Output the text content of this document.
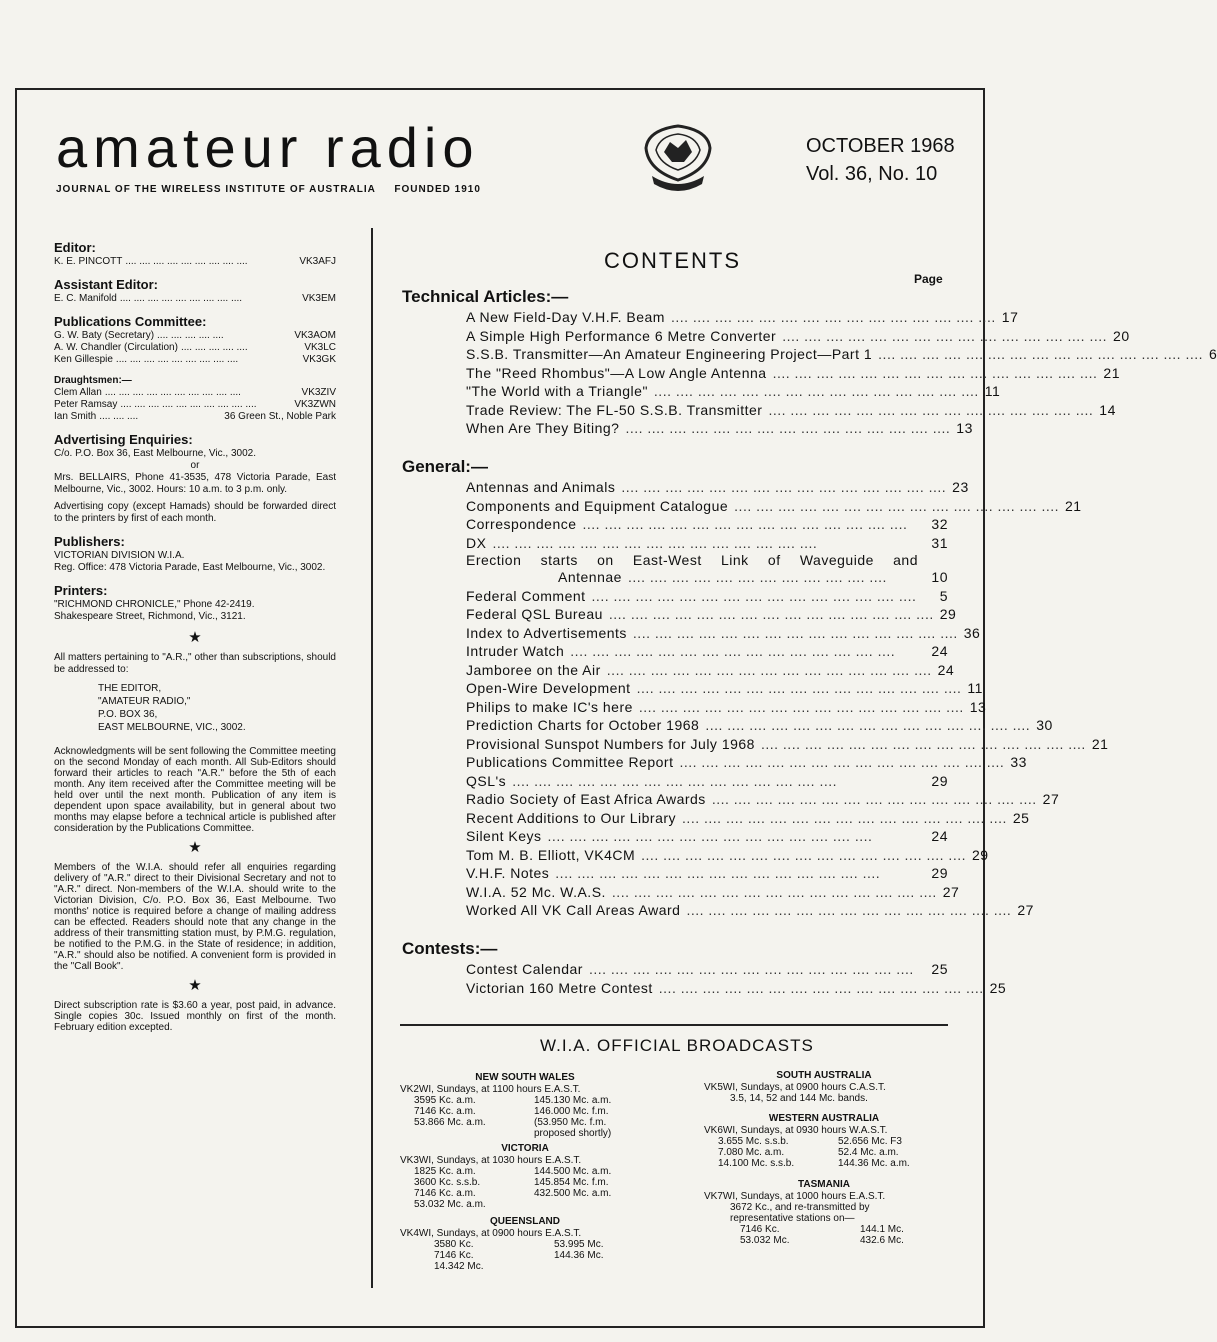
amateur radio
JOURNAL OF THE WIRELESS INSTITUTE OF AUSTRALIA     FOUNDED 1910
OCTOBER 1968
Vol. 36, No. 10
Editor:
K. E. PINCOTT .... .... .... .... .... .... .... .... ....	VK3AFJ
Assistant Editor:
E. C. Manifold .... .... .... .... .... .... .... .... ....	VK3EM
Publications Committee:
G. W. Baty (Secretary) .... .... .... .... ....	VK3AOM
A. W. Chandler (Circulation) .... .... .... .... ....	VK3LC
Ken Gillespie .... .... .... .... .... .... .... .... ....	VK3GK
Draughtsmen:—
Clem Allan .... .... .... .... .... .... .... .... .... ....	VK3ZIV
Peter Ramsay .... .... .... .... .... .... .... .... .... ....	VK3ZWN
Ian Smith .... .... ....	36 Green St., Noble Park
Advertising Enquiries:
C/o. P.O. Box 36, East Melbourne, Vic., 3002.
or
Mrs. BELLAIRS, Phone 41-3535, 478 Victoria Parade, East Melbourne, Vic., 3002. Hours: 10 a.m. to 3 p.m. only.
Advertising copy (except Hamads) should be forwarded direct to the printers by first of each month.
Publishers:
VICTORIAN DIVISION W.I.A.
Reg. Office: 478 Victoria Parade, East Melbourne, Vic., 3002.
Printers:
"RICHMOND CHRONICLE," Phone 42-2419.
Shakespeare Street, Richmond, Vic., 3121.
★
All matters pertaining to "A.R.," other than subscriptions, should be addressed to:
THE EDITOR,
"AMATEUR RADIO,"
P.O. BOX 36,
EAST MELBOURNE, VIC., 3002.
Acknowledgments will be sent following the Committee meeting on the second Monday of each month. All Sub-Editors should forward their articles to reach "A.R." before the 5th of each month. Any item received after the Committee meeting will be held over until the next month. Publication of any item is dependent upon space availability, but in general about two months may elapse before a technical article is published after consideration by the Publications Committee.
★
Members of the W.I.A. should refer all enquiries regarding delivery of "A.R." direct to their Divisional Secretary and not to "A.R." direct. Non-members of the W.I.A. should write to the Victorian Division, C/o. P.O. Box 36, East Melbourne. Two months' notice is required before a change of mailing address can be effected. Readers should note that any change in the address of their transmitting station must, by P.M.G. regulation, be notified to the P.M.G. in the State of residence; in addition, "A.R." should also be notified. A convenient form is provided in the "Call Book".
★
Direct subscription rate is $3.60 a year, post paid, in advance. Single copies 30c. Issued monthly on first of the month. February edition excepted.
CONTENTS
Page
Technical Articles:—
A New Field-Day V.H.F. Beam .... .... .... .... .... .... .... .... .... .... .... .... .... .... .... 17
A Simple High Performance 6 Metre Converter .... .... .... .... .... .... .... .... .... .... .... .... .... .... .... 20
S.S.B. Transmitter—An Amateur Engineering Project—Part 1 .... .... .... .... .... .... .... .... .... .... .... .... .... .... .... 6
The "Reed Rhombus"—A Low Angle Antenna .... .... .... .... .... .... .... .... .... .... .... .... .... .... .... 21
"The World with a Triangle" .... .... .... .... .... .... .... .... .... .... .... .... .... .... .... 11
Trade Review: The FL-50 S.S.B. Transmitter .... .... .... .... .... .... .... .... .... .... .... .... .... .... .... 14
When Are They Biting? .... .... .... .... .... .... .... .... .... .... .... .... .... .... .... 13
General:—
Antennas and Animals .... .... .... .... .... .... .... .... .... .... .... .... .... .... .... 23
Components and Equipment Catalogue .... .... .... .... .... .... .... .... .... .... .... .... .... .... .... 21
Correspondence .... .... .... .... .... .... .... .... .... .... .... .... .... .... ....	32
DX .... .... .... .... .... .... .... .... .... .... .... .... .... .... ....	31
Erection starts on East-West Link of Waveguide and
Antennae .... .... .... .... .... .... .... .... .... .... .... ....	10
Federal Comment .... .... .... .... .... .... .... .... .... .... .... .... .... .... ....	5
Federal QSL Bureau .... .... .... .... .... .... .... .... .... .... .... .... .... .... .... 29
Index to Advertisements .... .... .... .... .... .... .... .... .... .... .... .... .... .... .... 36
Intruder Watch .... .... .... .... .... .... .... .... .... .... .... .... .... .... ....	24
Jamboree on the Air .... .... .... .... .... .... .... .... .... .... .... .... .... .... .... 24
Open-Wire Development .... .... .... .... .... .... .... .... .... .... .... .... .... .... .... 11
Philips to make IC's here .... .... .... .... .... .... .... .... .... .... .... .... .... .... .... 13
Prediction Charts for October 1968 .... .... .... .... .... .... .... .... .... .... .... .... .... .... .... 30
Provisional Sunspot Numbers for July 1968 .... .... .... .... .... .... .... .... .... .... .... .... .... .... .... 21
Publications Committee Report .... .... .... .... .... .... .... .... .... .... .... .... .... .... .... 33
QSL's .... .... .... .... .... .... .... .... .... .... .... .... .... .... ....	29
Radio Society of East Africa Awards .... .... .... .... .... .... .... .... .... .... .... .... .... .... .... 27
Recent Additions to Our Library .... .... .... .... .... .... .... .... .... .... .... .... .... .... .... 25
Silent Keys .... .... .... .... .... .... .... .... .... .... .... .... .... .... ....	24
Tom M. B. Elliott, VK4CM .... .... .... .... .... .... .... .... .... .... .... .... .... .... .... 29
V.H.F. Notes .... .... .... .... .... .... .... .... .... .... .... .... .... .... ....	29
W.I.A. 52 Mc. W.A.S. .... .... .... .... .... .... .... .... .... .... .... .... .... .... .... 27
Worked All VK Call Areas Award .... .... .... .... .... .... .... .... .... .... .... .... .... .... .... 27
Contests:—
Contest Calendar .... .... .... .... .... .... .... .... .... .... .... .... .... .... ....	25
Victorian 160 Metre Contest .... .... .... .... .... .... .... .... .... .... .... .... .... .... .... 25
W.I.A. OFFICIAL BROADCASTS
NEW SOUTH WALES
VK2WI, Sundays, at 1100 hours E.A.S.T.
3595 Kc. a.m.	145.130 Mc. a.m.
7146 Kc. a.m.	146.000 Mc. f.m.
53.866 Mc. a.m.	(53.950 Mc. f.m.
proposed shortly)
VICTORIA
VK3WI, Sundays, at 1030 hours E.A.S.T.
1825 Kc. a.m.	144.500 Mc. a.m.
3600 Kc. s.s.b.	145.854 Mc. f.m.
7146 Kc. a.m.	432.500 Mc. a.m.
53.032 Mc. a.m.
QUEENSLAND
VK4WI, Sundays, at 0900 hours E.A.S.T.
3580 Kc.	53.995 Mc.
7146 Kc.	144.36 Mc.
14.342 Mc.
SOUTH AUSTRALIA
VK5WI, Sundays, at 0900 hours C.A.S.T.
3.5, 14, 52 and 144 Mc. bands.
WESTERN AUSTRALIA
VK6WI, Sundays, at 0930 hours W.A.S.T.
3.655 Mc. s.s.b.	52.656 Mc. F3
7.080 Mc. a.m.	52.4 Mc. a.m.
14.100 Mc. s.s.b.	144.36 Mc. a.m.
TASMANIA
VK7WI, Sundays, at 1000 hours E.A.S.T.
3672 Kc., and re-transmitted by
representative stations on—
7146 Kc.	144.1 Mc.
53.032 Mc.	432.6 Mc.
